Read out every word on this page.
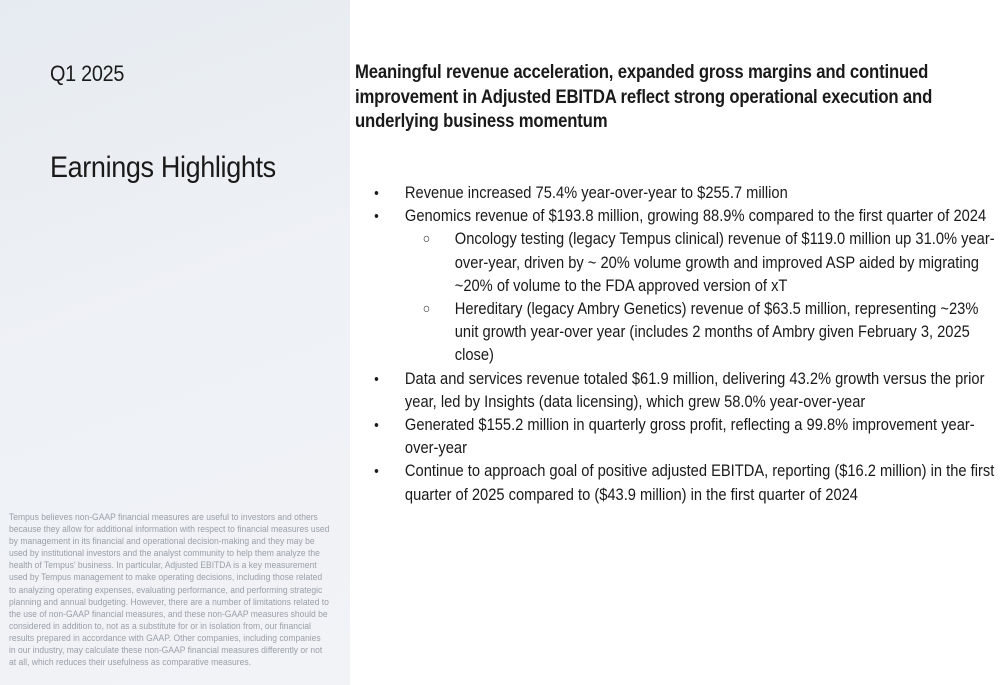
Q1 2025
Earnings Highlights
Tempus believes non-GAAP financial measures are useful to investors and others because they allow for additional information with respect to financial measures used by management in its financial and operational decision-making and they may be used by institutional investors and the analyst community to help them analyze the health of Tempus' business. In particular, Adjusted EBITDA is a key measurement used by Tempus management to make operating decisions, including those related to analyzing operating expenses, evaluating performance, and performing strategic planning and annual budgeting. However, there are a number of limitations related to the use of non-GAAP financial measures, and these non-GAAP measures should be considered in addition to, not as a substitute for or in isolation from, our financial results prepared in accordance with GAAP. Other companies, including companies in our industry, may calculate these non-GAAP financial measures differently or not at all, which reduces their usefulness as comparative measures.
Meaningful revenue acceleration, expanded gross margins and continued improvement in Adjusted EBITDA reflect strong operational execution and underlying business momentum
• Revenue increased 75.4% year-over-year to $255.7 million
• Genomics revenue of $193.8 million, growing 88.9% compared to the first quarter of 2024
○ Oncology testing (legacy Tempus clinical) revenue of $119.0 million up 31.0% year-over-year, driven by ~ 20% volume growth and improved ASP aided by migrating ~20% of volume to the FDA approved version of xT
○ Hereditary (legacy Ambry Genetics) revenue of $63.5 million, representing ~23% unit growth year-over year (includes 2 months of Ambry given February 3, 2025 close)
• Data and services revenue totaled $61.9 million, delivering 43.2% growth versus the prior year, led by Insights (data licensing), which grew 58.0% year-over-year
• Generated $155.2 million in quarterly gross profit, reflecting a 99.8% improvement year-over-year
• Continue to approach goal of positive adjusted EBITDA, reporting ($16.2 million) in the first quarter of 2025 compared to ($43.9 million) in the first quarter of 2024
